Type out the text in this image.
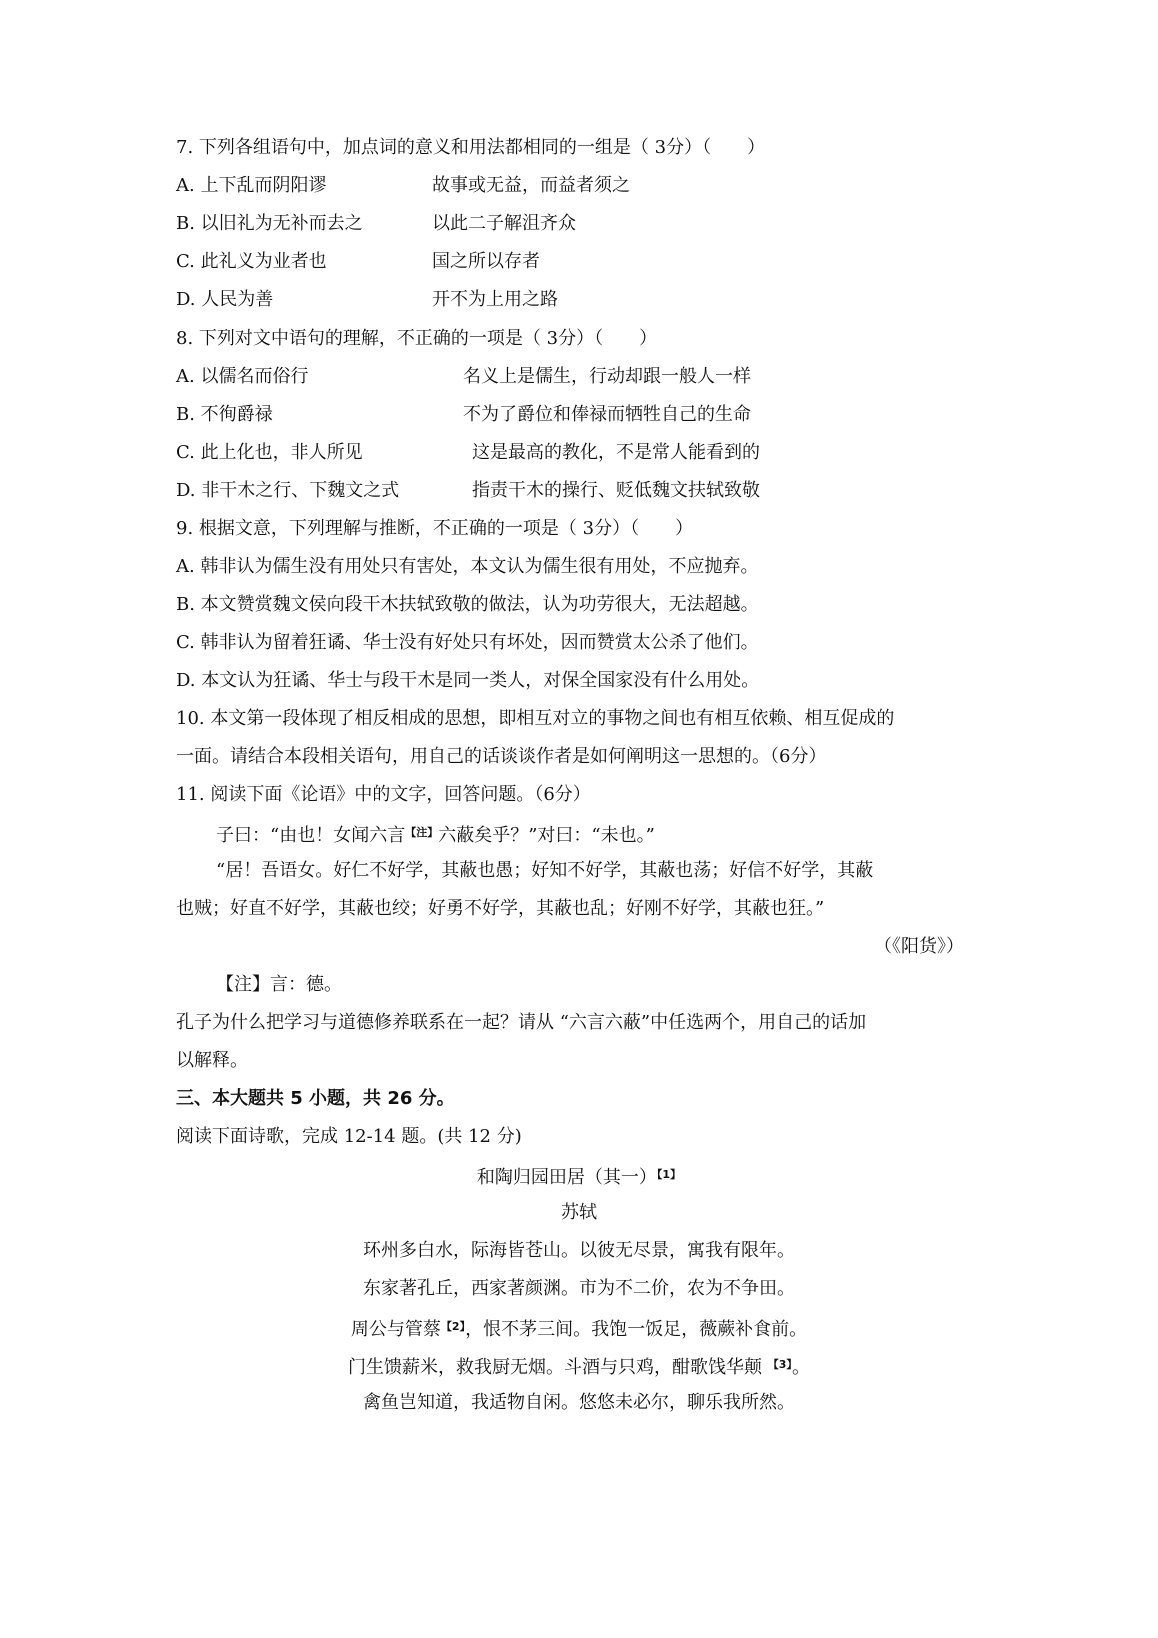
7. 下列各组语句中，加点词的意义和用法都相同的一组是（ 3分）（　　）
A. 上下乱而阴阳谬	故事或无益，而益者须之
B. 以旧礼为无补而去之	以此二子解沮齐众
C. 此礼义为业者也	国之所以存者
D. 人民为善	开不为上用之路
8. 下列对文中语句的理解，不正确的一项是（ 3分）（　　）
A. 以儒名而俗行	名义上是儒生，行动却跟一般人一样
B. 不徇爵禄	不为了爵位和俸禄而牺牲自己的生命
C. 此上化也，非人所见	这是最高的教化，不是常人能看到的
D. 非干木之行、下魏文之式	指责干木的操行、贬低魏文扶轼致敬
9. 根据文意，下列理解与推断，不正确的一项是（ 3分）（　　）
A. 韩非认为儒生没有用处只有害处，本文认为儒生很有用处，不应抛弃。
B. 本文赞赏魏文侯向段干木扶轼致敬的做法，认为功劳很大，无法超越。
C. 韩非认为留着狂谲、华士没有好处只有坏处，因而赞赏太公杀了他们。
D. 本文认为狂谲、华士与段干木是同一类人，对保全国家没有什么用处。
10. 本文第一段体现了相反相成的思想，即相互对立的事物之间也有相互依赖、相互促成的
一面。请结合本段相关语句，用自己的话谈谈作者是如何阐明这一思想的。（6分）
11. 阅读下面《论语》中的文字，回答问题。（6分）
子曰：“由也！女闻六言$^{【注】}$六蔽矣乎？”对曰：“未也。”
“居！吾语女。好仁不好学，其蔽也愚；好知不好学，其蔽也荡；好信不好学，其蔽
也贼；好直不好学，其蔽也绞；好勇不好学，其蔽也乱；好刚不好学，其蔽也狂。”
（《阳货》）
【注】言：德。
孔子为什么把学习与道德修养联系在一起？请从 “六言六蔽”中任选两个，用自己的话加
以解释。
三、本大题共 5 小题，共 26 分。
阅读下面诗歌，完成 12-14 题。(共 12 分)
和陶归园田居（其一）$^{【1】}$
苏轼
环州多白水，际海皆苍山。以彼无尽景，寓我有限年。
东家著孔丘，西家著颜渊。市为不二价，农为不争田。
周公与管蔡$^{【2】}$，恨不茅三间。我饱一饭足，薇蕨补食前。
门生馈薪米，救我厨无烟。斗酒与只鸡，酣歌饯华颠 $^{【3】}$。
禽鱼岂知道，我适物自闲。悠悠未必尔，聊乐我所然。
